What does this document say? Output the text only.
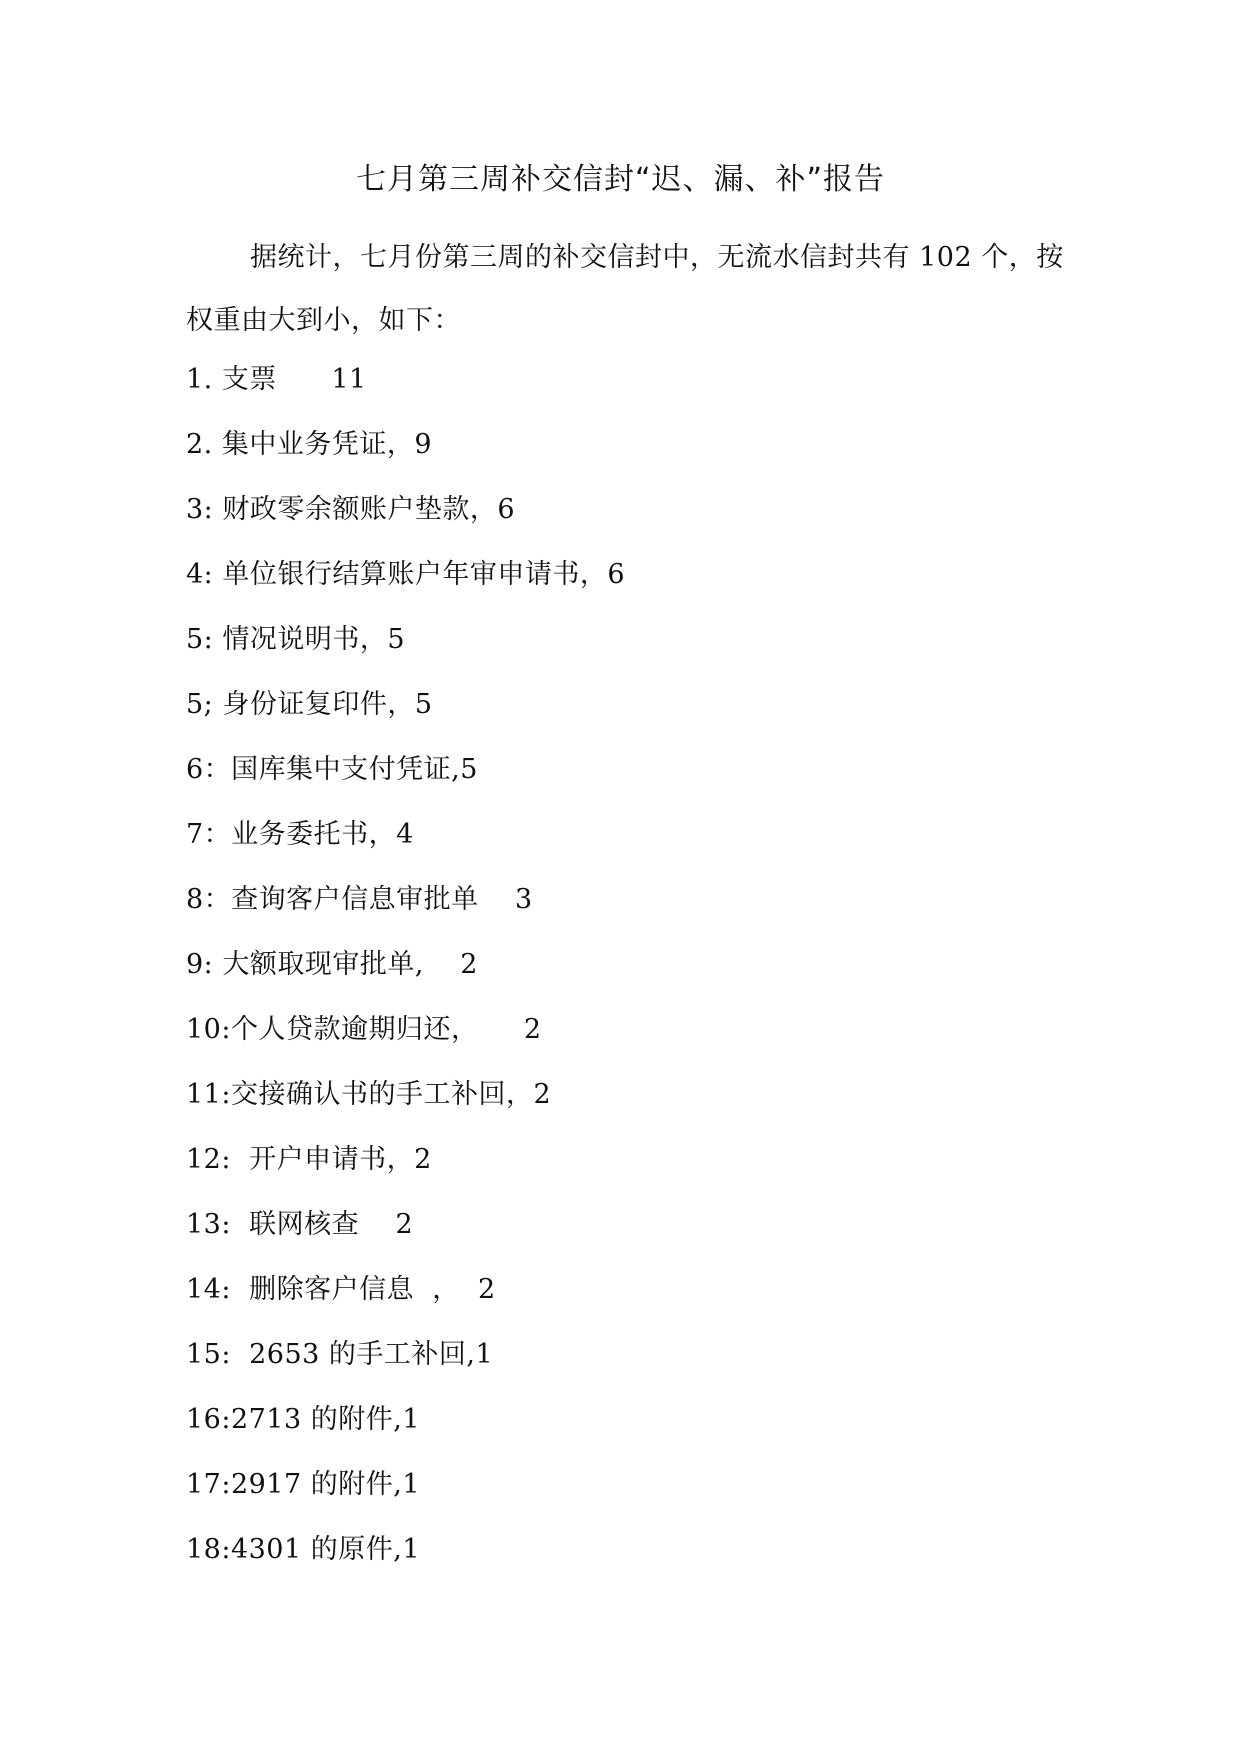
七月第三周补交信封“迟、漏、补”报告
据统计，七月份第三周的补交信封中，无流水信封共有 102 个，按权重由大到小，如下：
1. 支票      11
2. 集中业务凭证，9
3: 财政零余额账户垫款，6
4: 单位银行结算账户年审申请书，6
5: 情况说明书，5
5; 身份证复印件，5
6：国库集中支付凭证,5
7：业务委托书，4
8：查询客户信息审批单    3
9: 大额取现审批单,    2
10:个人贷款逾期归还，     2
11:交接确认书的手工补回，2
12:  开户申请书，2
13:  联网核查    2
14:  删除客户信息  ，  2
15:  2653 的手工补回,1
16:2713 的附件,1
17:2917 的附件,1
18:4301 的原件,1
